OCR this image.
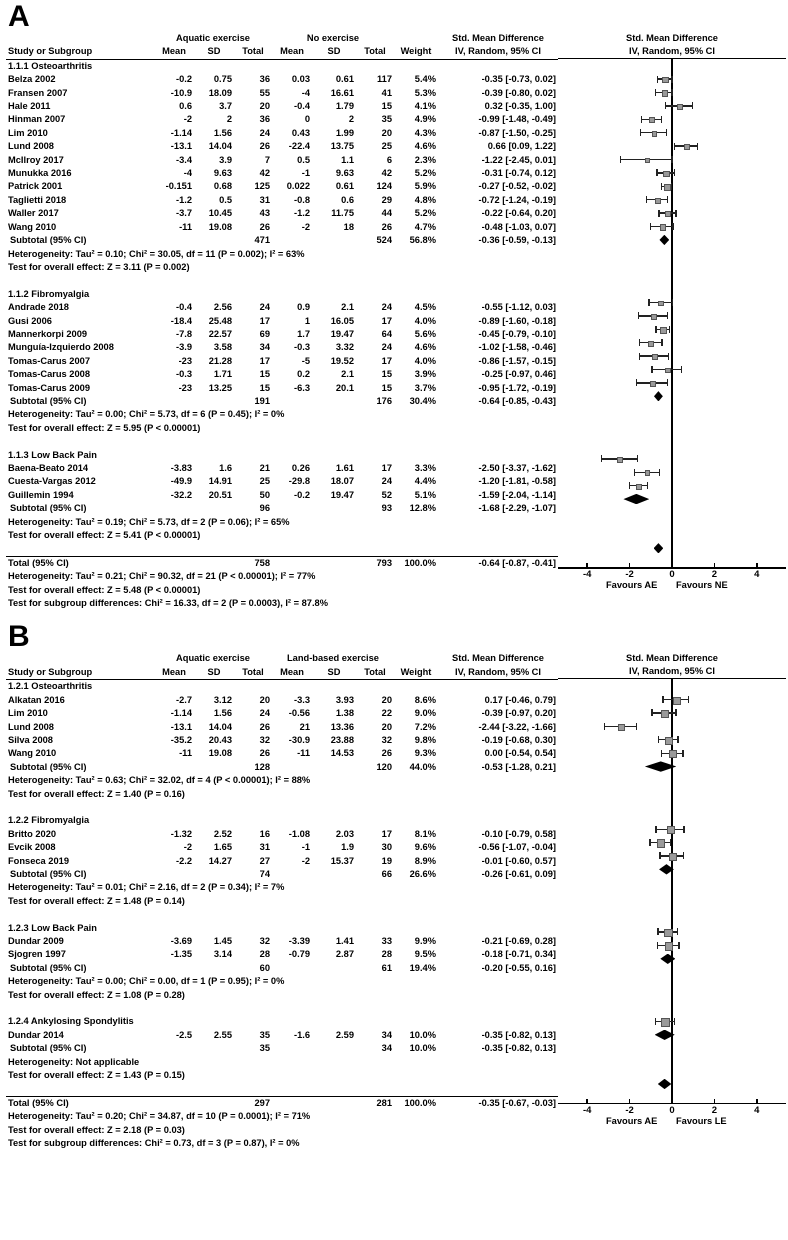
A
	Aquatic exercise			No exercise				Std. Mean Difference
Study or Subgroup	Mean	SD	Total	Mean	SD	Total	Weight	IV, Random, 95% CI
1.1.1 Osteoarthritis								
Belza 2002	-0.2	0.75	36	0.03	0.61	117	5.4%	-0.35 [-0.73, 0.02]
Fransen 2007	-10.9	18.09	55	-4	16.61	41	5.3%	-0.39 [-0.80, 0.02]
Hale 2011	0.6	3.7	20	-0.4	1.79	15	4.1%	0.32 [-0.35, 1.00]
Hinman 2007	-2	2	36	0	2	35	4.9%	-0.99 [-1.48, -0.49]
Lim 2010	-1.14	1.56	24	0.43	1.99	20	4.3%	-0.87 [-1.50, -0.25]
Lund 2008	-13.1	14.04	26	-22.4	13.75	25	4.6%	0.66 [0.09, 1.22]
McIlroy 2017	-3.4	3.9	7	0.5	1.1	6	2.3%	-1.22 [-2.45, 0.01]
Munukka 2016	-4	9.63	42	-1	9.63	42	5.2%	-0.31 [-0.74, 0.12]
Patrick 2001	-0.151	0.68	125	0.022	0.61	124	5.9%	-0.27 [-0.52, -0.02]
Taglietti 2018	-1.2	0.5	31	-0.8	0.6	29	4.8%	-0.72 [-1.24, -0.19]
Waller 2017	-3.7	10.45	43	-1.2	11.75	44	5.2%	-0.22 [-0.64, 0.20]
Wang 2010	-11	19.08	26	-2	18	26	4.7%	-0.48 [-1.03, 0.07]
Subtotal (95% CI)			471			524	56.8%	-0.36 [-0.59, -0.13]
Heterogeneity: Tau² = 0.10; Chi² = 30.05, df = 11 (P = 0.002); I² = 63%								
Test for overall effect: Z = 3.11 (P = 0.002)								

1.1.2 Fibromyalgia								
Andrade 2018	-0.4	2.56	24	0.9	2.1	24	4.5%	-0.55 [-1.12, 0.03]
Gusi 2006	-18.4	25.48	17	1	16.05	17	4.0%	-0.89 [-1.60, -0.18]
Mannerkorpi 2009	-7.8	22.57	69	1.7	19.47	64	5.6%	-0.45 [-0.79, -0.10]
Munguía-Izquierdo 2008	-3.9	3.58	34	-0.3	3.32	24	4.6%	-1.02 [-1.58, -0.46]
Tomas-Carus 2007	-23	21.28	17	-5	19.52	17	4.0%	-0.86 [-1.57, -0.15]
Tomas-Carus 2008	-0.3	1.71	15	0.2	2.1	15	3.9%	-0.25 [-0.97, 0.46]
Tomas-Carus 2009	-23	13.25	15	-6.3	20.1	15	3.7%	-0.95 [-1.72, -0.19]
Subtotal (95% CI)			191			176	30.4%	-0.64 [-0.85, -0.43]
Heterogeneity: Tau² = 0.00; Chi² = 5.73, df = 6 (P = 0.45); I² = 0%								
Test for overall effect: Z = 5.95 (P < 0.00001)								

1.1.3 Low Back Pain								
Baena-Beato 2014	-3.83	1.6	21	0.26	1.61	17	3.3%	-2.50 [-3.37, -1.62]
Cuesta-Vargas 2012	-49.9	14.91	25	-29.8	18.07	24	4.4%	-1.20 [-1.81, -0.58]
Guillemin 1994	-32.2	20.51	50	-0.2	19.47	52	5.1%	-1.59 [-2.04, -1.14]
Subtotal (95% CI)			96			93	12.8%	-1.68 [-2.29, -1.07]
Heterogeneity: Tau² = 0.19; Chi² = 5.73, df = 2 (P = 0.06); I² = 65%								
Test for overall effect: Z = 5.41 (P < 0.00001)								

Total (95% CI)			758			793	100.0%	-0.64 [-0.87, -0.41]
Heterogeneity: Tau² = 0.21; Chi² = 90.32, df = 21 (P < 0.00001); I² = 77%								
Test for overall effect: Z = 5.48 (P < 0.00001)								
Test for subgroup differences: Chi² = 16.33, df = 2 (P = 0.0003), I² = 87.8%								
Std. Mean Difference
IV, Random, 95% CI
-4	-2	0	2	4
Favours AE Favours NE
B
	Aquatic exercise			Land-based exercise				Std. Mean Difference
Study or Subgroup	Mean	SD	Total	Mean	SD	Total	Weight	IV, Random, 95% CI
1.2.1 Osteoarthritis								
Alkatan 2016	-2.7	3.12	20	-3.3	3.93	20	8.6%	0.17 [-0.46, 0.79]
Lim 2010	-1.14	1.56	24	-0.56	1.38	22	9.0%	-0.39 [-0.97, 0.20]
Lund 2008	-13.1	14.04	26	21	13.36	20	7.2%	-2.44 [-3.22, -1.66]
Silva 2008	-35.2	20.43	32	-30.9	23.88	32	9.8%	-0.19 [-0.68, 0.30]
Wang 2010	-11	19.08	26	-11	14.53	26	9.3%	0.00 [-0.54, 0.54]
Subtotal (95% CI)			128			120	44.0%	-0.53 [-1.28, 0.21]
Heterogeneity: Tau² = 0.63; Chi² = 32.02, df = 4 (P < 0.00001); I² = 88%								
Test for overall effect: Z = 1.40 (P = 0.16)								

1.2.2 Fibromyalgia								
Britto 2020	-1.32	2.52	16	-1.08	2.03	17	8.1%	-0.10 [-0.79, 0.58]
Evcik 2008	-2	1.65	31	-1	1.9	30	9.6%	-0.56 [-1.07, -0.04]
Fonseca 2019	-2.2	14.27	27	-2	15.37	19	8.9%	-0.01 [-0.60, 0.57]
Subtotal (95% CI)			74			66	26.6%	-0.26 [-0.61, 0.09]
Heterogeneity: Tau² = 0.01; Chi² = 2.16, df = 2 (P = 0.34); I² = 7%								
Test for overall effect: Z = 1.48 (P = 0.14)								

1.2.3 Low Back Pain								
Dundar 2009	-3.69	1.45	32	-3.39	1.41	33	9.9%	-0.21 [-0.69, 0.28]
Sjogren 1997	-1.35	3.14	28	-0.79	2.87	28	9.5%	-0.18 [-0.71, 0.34]
Subtotal (95% CI)			60			61	19.4%	-0.20 [-0.55, 0.16]
Heterogeneity: Tau² = 0.00; Chi² = 0.00, df = 1 (P = 0.95); I² = 0%								
Test for overall effect: Z = 1.08 (P = 0.28)								

1.2.4 Ankylosing Spondylitis								
Dundar 2014	-2.5	2.55	35	-1.6	2.59	34	10.0%	-0.35 [-0.82, 0.13]
Subtotal (95% CI)			35			34	10.0%	-0.35 [-0.82, 0.13]
Heterogeneity: Not applicable								
Test for overall effect: Z = 1.43 (P = 0.15)								

Total (95% CI)			297			281	100.0%	-0.35 [-0.67, -0.03]
Heterogeneity: Tau² = 0.20; Chi² = 34.87, df = 10 (P = 0.0001); I² = 71%								
Test for overall effect: Z = 2.18 (P = 0.03)								
Test for subgroup differences: Chi² = 0.73, df = 3 (P = 0.87), I² = 0%								
Std. Mean Difference
IV, Random, 95% CI
-4	-2	0	2	4
Favours AE Favours LE
